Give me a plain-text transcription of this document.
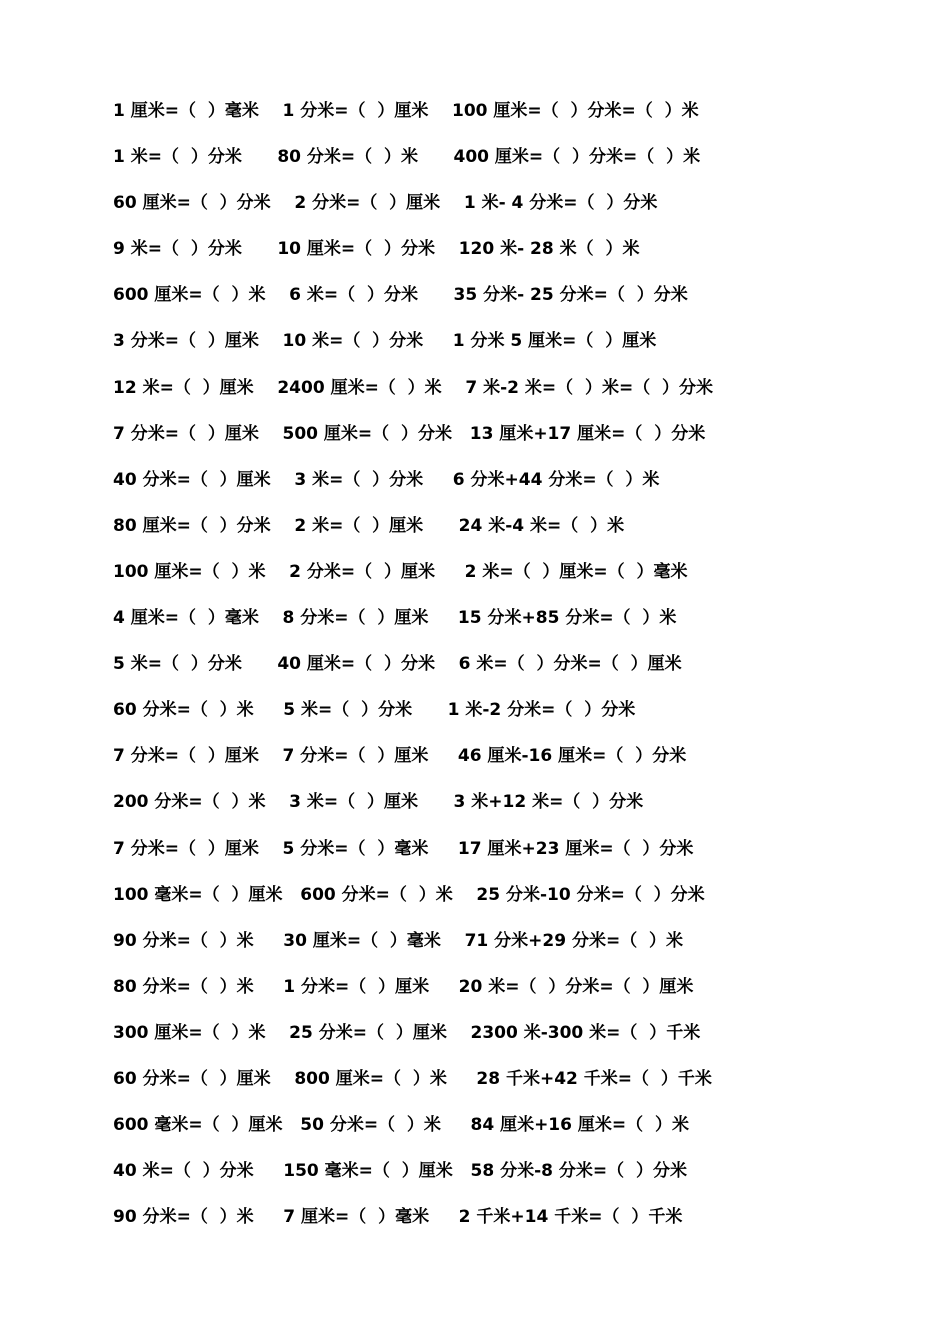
1 厘米=（  ）毫米    1 分米=（  ）厘米    100 厘米=（  ）分米=（  ）米
1 米=（  ）分米      80 分米=（  ）米      400 厘米=（  ）分米=（  ）米
60 厘米=（  ）分米    2 分米=（  ）厘米    1 米- 4 分米=（  ）分米
9 米=（  ）分米      10 厘米=（  ）分米    120 米- 28 米（  ）米
600 厘米=（  ）米    6 米=（  ）分米      35 分米- 25 分米=（  ）分米
3 分米=（  ）厘米    10 米=（  ）分米     1 分米 5 厘米=（  ）厘米
12 米=（  ）厘米    2400 厘米=（  ）米    7 米-2 米=（  ）米=（  ）分米
7 分米=（  ）厘米    500 厘米=（  ）分米   13 厘米+17 厘米=（  ）分米
40 分米=（  ）厘米    3 米=（  ）分米     6 分米+44 分米=（  ）米
80 厘米=（  ）分米    2 米=（  ）厘米      24 米-4 米=（  ）米
100 厘米=（  ）米    2 分米=（  ）厘米     2 米=（  ）厘米=（  ）毫米
4 厘米=（  ）毫米    8 分米=（  ）厘米     15 分米+85 分米=（  ）米
5 米=（  ）分米      40 厘米=（  ）分米    6 米=（  ）分米=（  ）厘米
60 分米=（  ）米     5 米=（  ）分米      1 米-2 分米=（  ）分米
7 分米=（  ）厘米    7 分米=（  ）厘米     46 厘米-16 厘米=（  ）分米
200 分米=（  ）米    3 米=（  ）厘米      3 米+12 米=（  ）分米
7 分米=（  ）厘米    5 分米=（  ）毫米     17 厘米+23 厘米=（  ）分米
100 毫米=（  ）厘米   600 分米=（  ）米    25 分米-10 分米=（  ）分米
90 分米=（  ）米     30 厘米=（  ）毫米    71 分米+29 分米=（  ）米
80 分米=（  ）米     1 分米=（  ）厘米     20 米=（  ）分米=（  ）厘米
300 厘米=（  ）米    25 分米=（  ）厘米    2300 米-300 米=（  ）千米
60 分米=（  ）厘米    800 厘米=（  ）米     28 千米+42 千米=（  ）千米
600 毫米=（  ）厘米   50 分米=（  ）米     84 厘米+16 厘米=（  ）米
40 米=（  ）分米     150 毫米=（  ）厘米   58 分米-8 分米=（  ）分米
90 分米=（  ）米     7 厘米=（  ）毫米     2 千米+14 千米=（  ）千米
